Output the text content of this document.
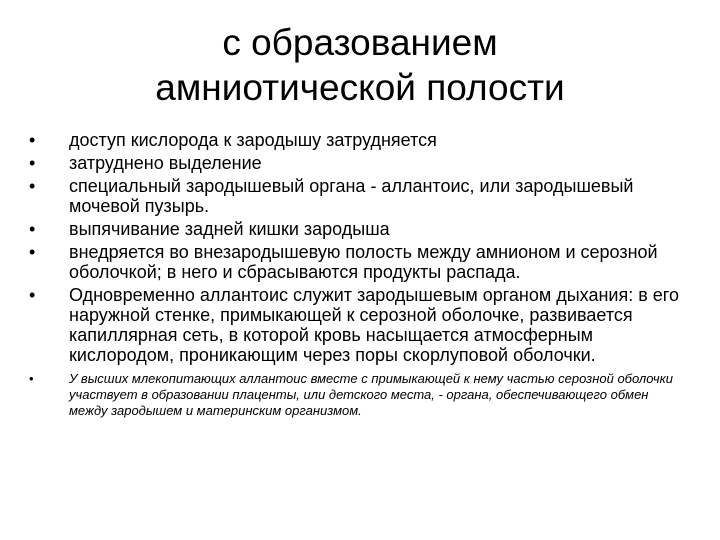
с образованием
амниотической полости
• доступ кислорода к зародышу затрудняется
• затруднено выделение
• специальный зародышевый органа - аллантоис, или зародышевый мочевой пузырь.
• выпячивание задней кишки зародыша
• внедряется во внезародышевую полость между амнионом и серозной оболочкой; в него и сбрасываются продукты распада.
• Одновременно аллантоис служит зародышевым органом дыхания: в его наружной стенке, примыкающей к серозной оболочке, развивается капиллярная сеть, в которой кровь насыщается атмосферным кислородом, проникающим через поры скорлуповой оболочки.
•	У высших млекопитающих аллантоис вместе с примыкающей к нему частью серозной оболочки участвует в образовании плаценты, или детского места, - органа, обеспечивающего обмен между зародышем и материнским организмом.
